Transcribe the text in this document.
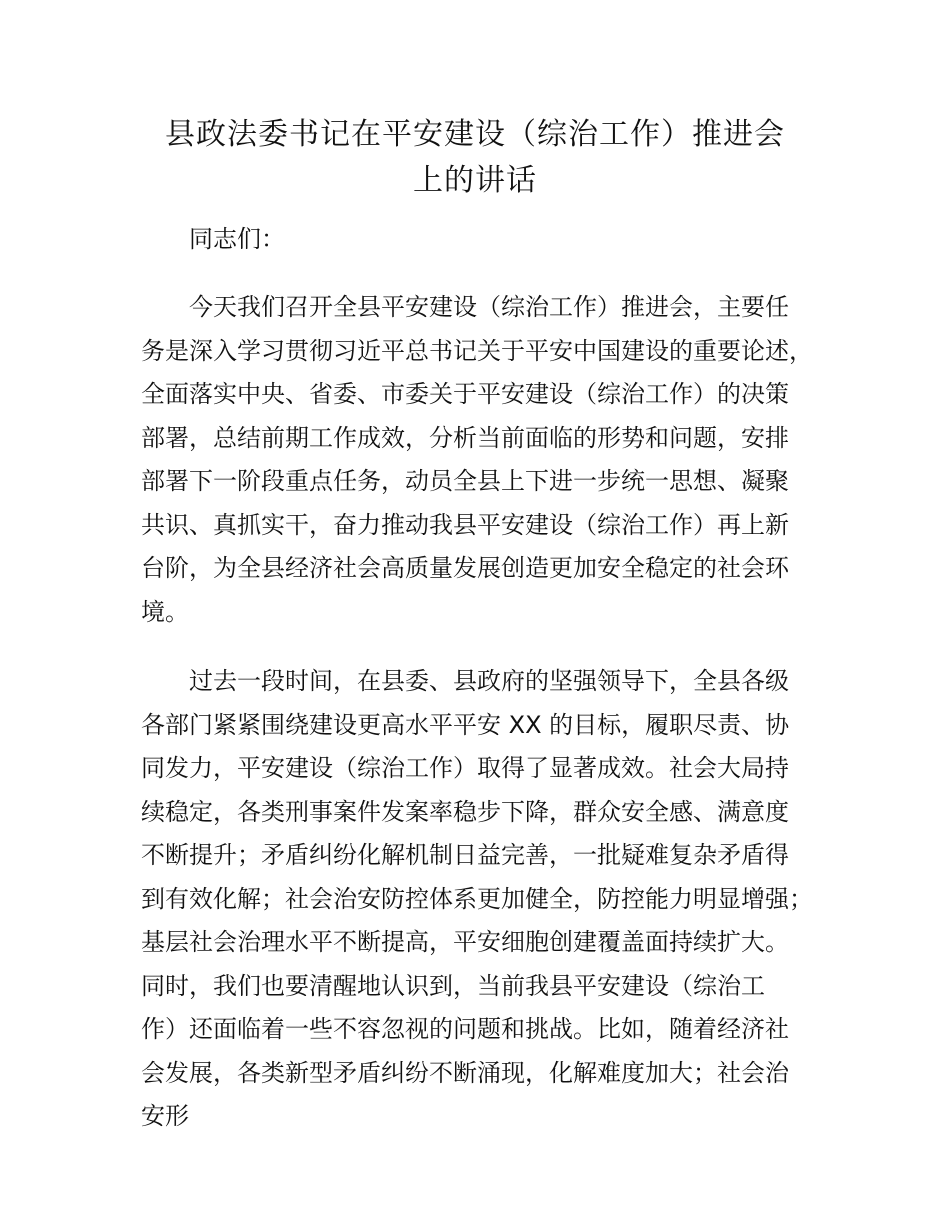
县政法委书记在平安建设（综治工作）推进会
上的讲话
同志们：
今天我们召开全县平安建设（综治工作）推进会，主要任
务是深入学习贯彻习近平总书记关于平安中国建设的重要论述，
全面落实中央、省委、市委关于平安建设（综治工作）的决策
部署，总结前期工作成效，分析当前面临的形势和问题，安排
部署下一阶段重点任务，动员全县上下进一步统一思想、凝聚
共识、真抓实干，奋力推动我县平安建设（综治工作）再上新
台阶，为全县经济社会高质量发展创造更加安全稳定的社会环
境。
过去一段时间，在县委、县政府的坚强领导下，全县各级
各部门紧紧围绕建设更高水平平安 XX 的目标，履职尽责、协
同发力，平安建设（综治工作）取得了显著成效。社会大局持
续稳定，各类刑事案件发案率稳步下降，群众安全感、满意度
不断提升；矛盾纠纷化解机制日益完善，一批疑难复杂矛盾得
到有效化解；社会治安防控体系更加健全，防控能力明显增强；
基层社会治理水平不断提高，平安细胞创建覆盖面持续扩大。
同时，我们也要清醒地认识到，当前我县平安建设（综治工
作）还面临着一些不容忽视的问题和挑战。比如，随着经济社
会发展，各类新型矛盾纠纷不断涌现，化解难度加大；社会治
安形
